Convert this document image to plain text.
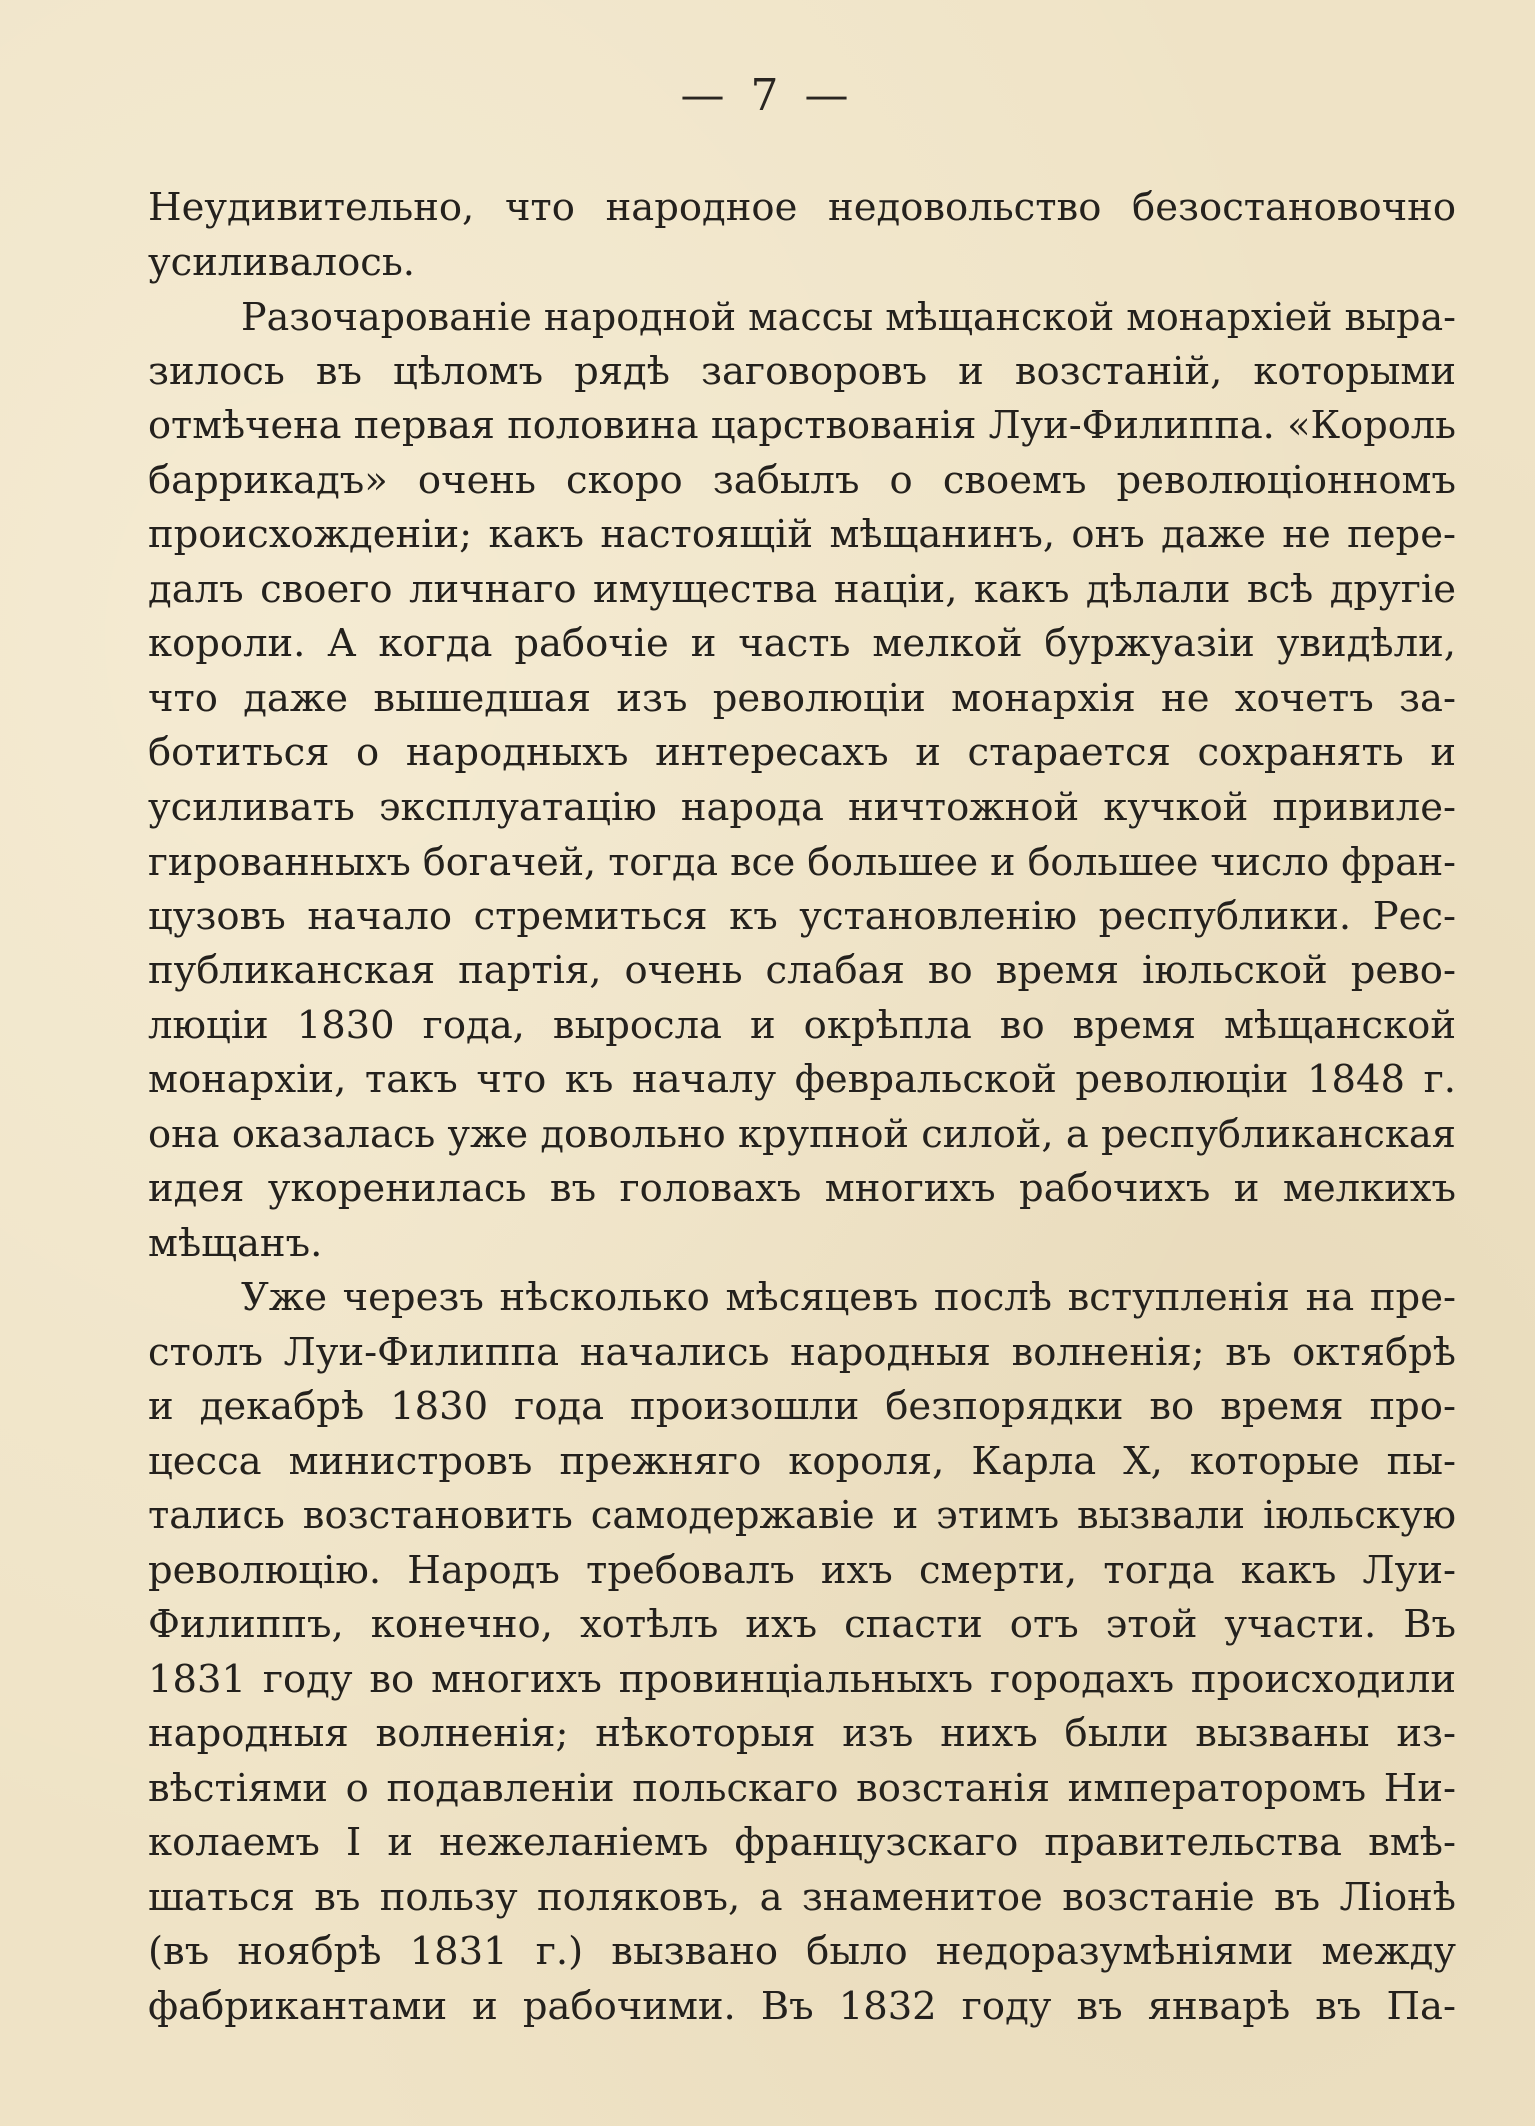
— 7 —
Неудивительно, что народное недовольство безостановочно
усиливалось.
Разочарованіе народной массы мѣщанской монархіей выра-
зилось въ цѣломъ рядѣ заговоровъ и возстаній, которыми
отмѣчена первая половина царствованія Луи-Филиппа. «Король
баррикадъ» очень скоро забылъ о своемъ революціонномъ
происхожденіи; какъ настоящій мѣщанинъ, онъ даже не пере-
далъ своего личнаго имущества націи, какъ дѣлали всѣ другіе
короли. А когда рабочіе и часть мелкой буржуазіи увидѣли,
что даже вышедшая изъ революціи монархія не хочетъ за-
ботиться о народныхъ интересахъ и старается сохранять и
усиливать эксплуатацію народа ничтожной кучкой привиле-
гированныхъ богачей, тогда все большее и большее число фран-
цузовъ начало стремиться къ установленію республики. Рес-
публиканская партія, очень слабая во время іюльской рево-
люціи 1830 года, выросла и окрѣпла во время мѣщанской
монархіи, такъ что къ началу февральской революціи 1848 г.
она оказалась уже довольно крупной силой, а республиканская
идея укоренилась въ головахъ многихъ рабочихъ и мелкихъ
мѣщанъ.
Уже черезъ нѣсколько мѣсяцевъ послѣ вступленія на пре-
столъ Луи-Филиппа начались народныя волненія; въ октябрѣ
и декабрѣ 1830 года произошли безпорядки во время про-
цесса министровъ прежняго короля, Карла X, которые пы-
тались возстановить самодержавіе и этимъ вызвали іюльскую
революцію. Народъ требовалъ ихъ смерти, тогда какъ Луи-
Филиппъ, конечно, хотѣлъ ихъ спасти отъ этой участи. Въ
1831 году во многихъ провинціальныхъ городахъ происходили
народныя волненія; нѣкоторыя изъ нихъ были вызваны из-
вѣстіями о подавленіи польскаго возстанія императоромъ Ни-
колаемъ I и нежеланіемъ французскаго правительства вмѣ-
шаться въ пользу поляковъ, а знаменитое возстаніе въ Ліонѣ
(въ ноябрѣ 1831 г.) вызвано было недоразумѣніями между
фабрикантами и рабочими. Въ 1832 году въ январѣ въ Па-
